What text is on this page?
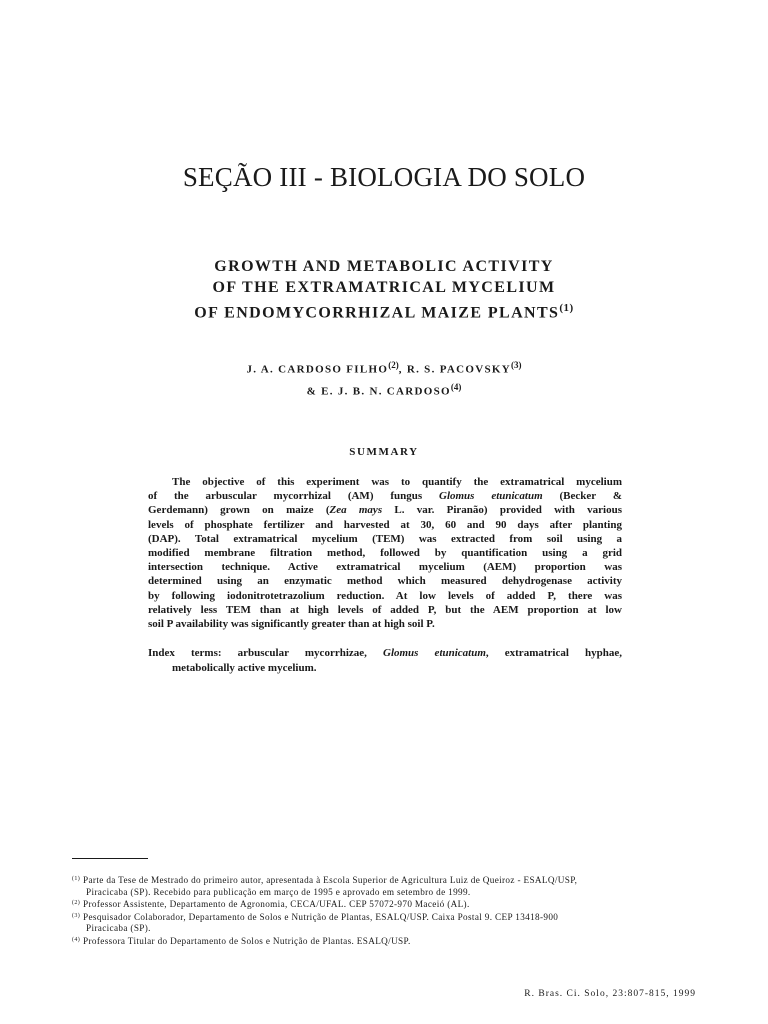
SEÇÃO III - BIOLOGIA DO SOLO
GROWTH AND METABOLIC ACTIVITY
OF THE EXTRAMATRICAL MYCELIUM
OF ENDOMYCORRHIZAL MAIZE PLANTS$^{(1)}$
J. A. CARDOSO FILHO$^{(2)}$, R. S. PACOVSKY$^{(3)}$
& E. J. B. N. CARDOSO$^{(4)}$
SUMMARY

The objective of this experiment was to quantify the extramatrical mycelium
of the arbuscular mycorrhizal (AM) fungus Glomus etunicatum (Becker &
Gerdemann) grown on maize (Zea mays L. var. Piranão) provided with various
levels of phosphate fertilizer and harvested at 30, 60 and 90 days after planting
(DAP). Total extramatrical mycelium (TEM) was extracted from soil using a
modified membrane filtration method, followed by quantification using a grid
intersection technique. Active extramatrical mycelium (AEM) proportion was
determined using an enzymatic method which measured dehydrogenase activity
by following iodonitrotetrazolium reduction. At low levels of added P, there was
relatively less TEM than at high levels of added P, but the AEM proportion at low
soil P availability was significantly greater than at high soil P.

Index terms: arbuscular mycorrhizae, Glomus etunicatum, extramatrical hyphae,
metabolically active mycelium.

$^{(1)}$ Parte da Tese de Mestrado do primeiro autor, apresentada à Escola Superior de Agricultura Luiz de Queiroz - ESALQ/USP,
Piracicaba (SP). Recebido para publicação em março de 1995 e aprovado em setembro de 1999.
$^{(2)}$ Professor Assistente, Departamento de Agronomia, CECA/UFAL. CEP 57072-970 Maceió (AL).
$^{(3)}$ Pesquisador Colaborador, Departamento de Solos e Nutrição de Plantas, ESALQ/USP. Caixa Postal 9. CEP 13418-900
Piracicaba (SP).
$^{(4)}$ Professora Titular do Departamento de Solos e Nutrição de Plantas. ESALQ/USP.
R. Bras. Ci. Solo, 23:807-815, 1999
